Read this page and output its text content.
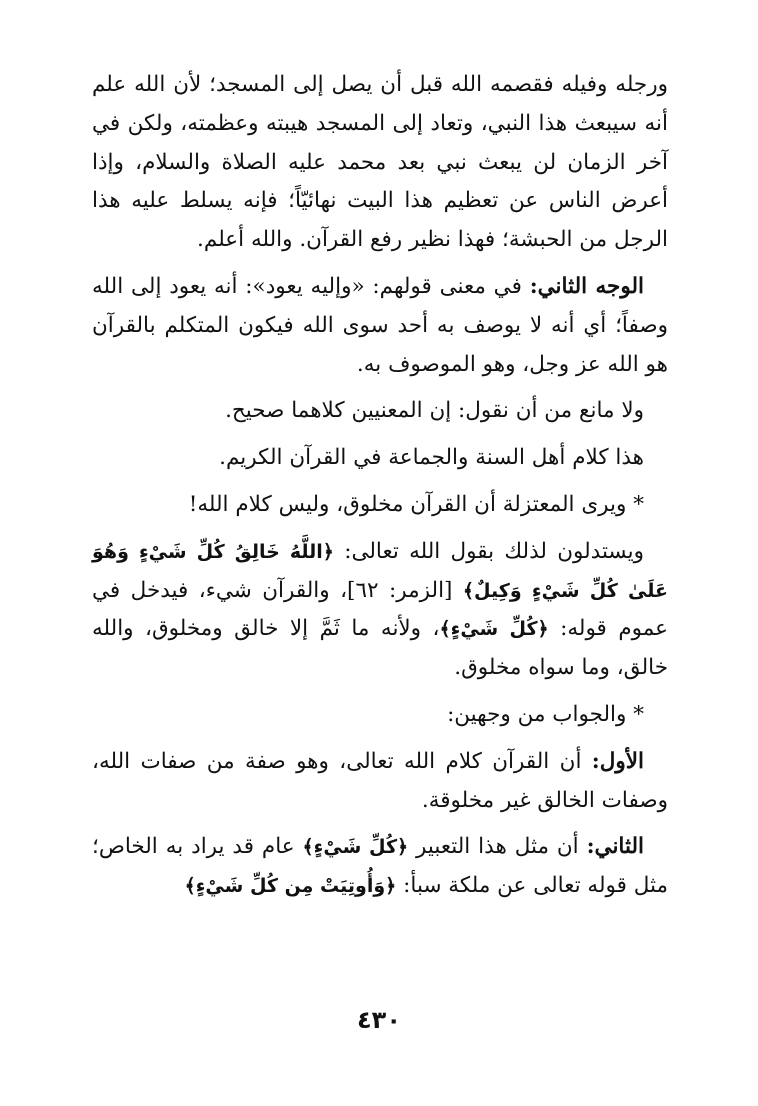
ورجله وفيله فقصمه الله قبل أن يصل إلى المسجد؛ لأن الله علم أنه سيبعث هذا النبي، وتعاد إلى المسجد هيبته وعظمته، ولكن في آخر الزمان لن يبعث نبي بعد محمد عليه الصلاة والسلام، وإذا أعرض الناس عن تعظيم هذا البيت نهائيّاً؛ فإنه يسلط عليه هذا الرجل من الحبشة؛ فهذا نظير رفع القرآن. والله أعلم.

الوجه الثاني: في معنى قولهم: «وإليه يعود»: أنه يعود إلى الله وصفاً؛ أي أنه لا يوصف به أحد سوى الله فيكون المتكلم بالقرآن هو الله عز وجل، وهو الموصوف به.

ولا مانع من أن نقول: إن المعنيين كلاهما صحيح.

هذا كلام أهل السنة والجماعة في القرآن الكريم.

* ويرى المعتزلة أن القرآن مخلوق، وليس كلام الله!

ويستدلون لذلك بقول الله تعالى: ﴿اللَّهُ خَالِقُ كُلِّ شَيْءٍ وَهُوَ عَلَىٰ كُلِّ شَيْءٍ وَكِيلٌ﴾ [الزمر: ٦٢]، والقرآن شيء، فيدخل في عموم قوله: ﴿كُلِّ شَيْءٍ﴾، ولأنه ما ثَمَّ إلا خالق ومخلوق، والله خالق، وما سواه مخلوق.

* والجواب من وجهين:

الأول: أن القرآن كلام الله تعالى، وهو صفة من صفات الله، وصفات الخالق غير مخلوقة.

الثاني: أن مثل هذا التعبير ﴿كُلِّ شَيْءٍ﴾ عام قد يراد به الخاص؛ مثل قوله تعالى عن ملكة سبأ: ﴿وَأُوتِيَتْ مِن كُلِّ شَيْءٍ﴾

٤٣٠
